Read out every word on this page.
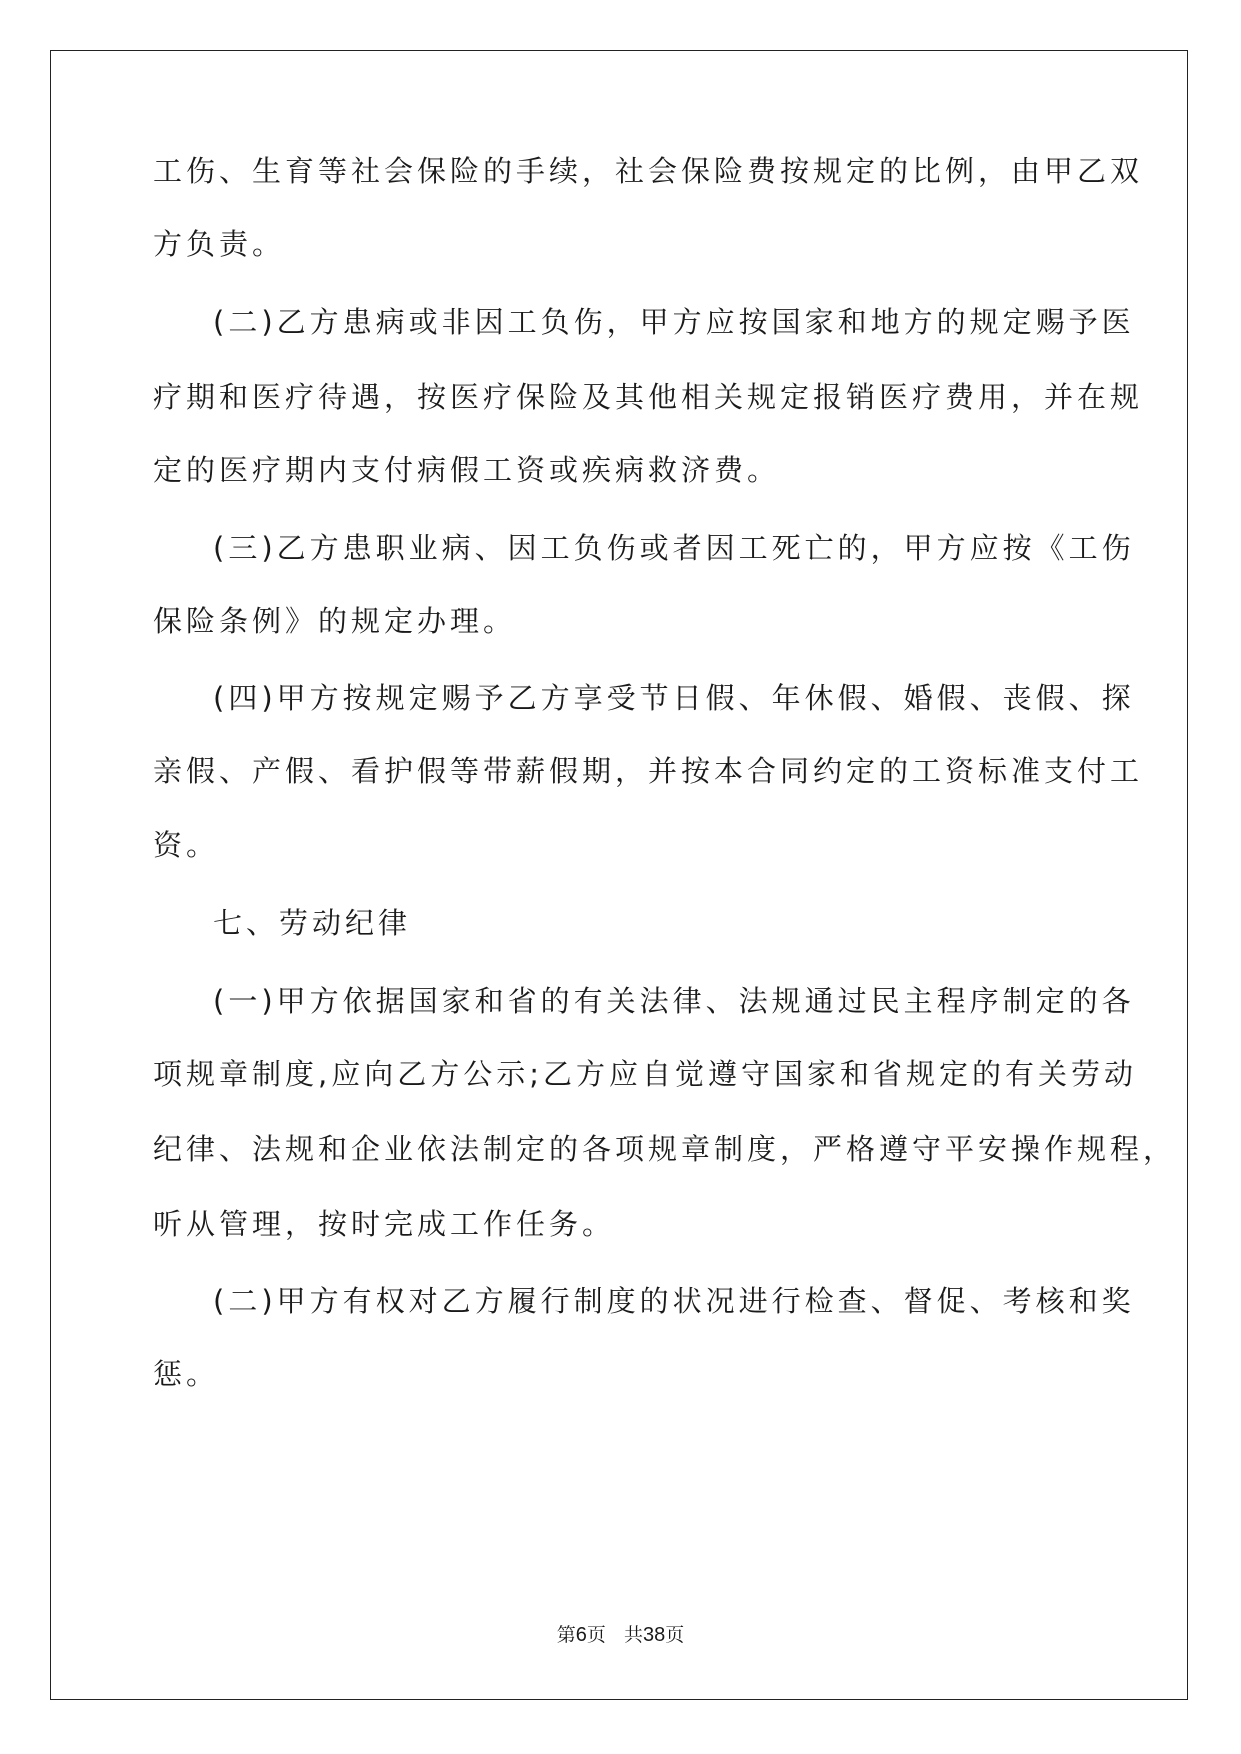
工伤、生育等社会保险的手续，社会保险费按规定的比例，由甲乙双

方负责。

(二)乙方患病或非因工负伤，甲方应按国家和地方的规定赐予医

疗期和医疗待遇，按医疗保险及其他相关规定报销医疗费用，并在规

定的医疗期内支付病假工资或疾病救济费。

(三)乙方患职业病、因工负伤或者因工死亡的，甲方应按《工伤

保险条例》的规定办理。

(四)甲方按规定赐予乙方享受节日假、年休假、婚假、丧假、探

亲假、产假、看护假等带薪假期，并按本合同约定的工资标准支付工

资。

七、劳动纪律

(一)甲方依据国家和省的有关法律、法规通过民主程序制定的各

项规章制度,应向乙方公示;乙方应自觉遵守国家和省规定的有关劳动

纪律、法规和企业依法制定的各项规章制度，严格遵守平安操作规程，

听从管理，按时完成工作任务。

(二)甲方有权对乙方履行制度的状况进行检查、督促、考核和奖

惩。

第6页 共38页
